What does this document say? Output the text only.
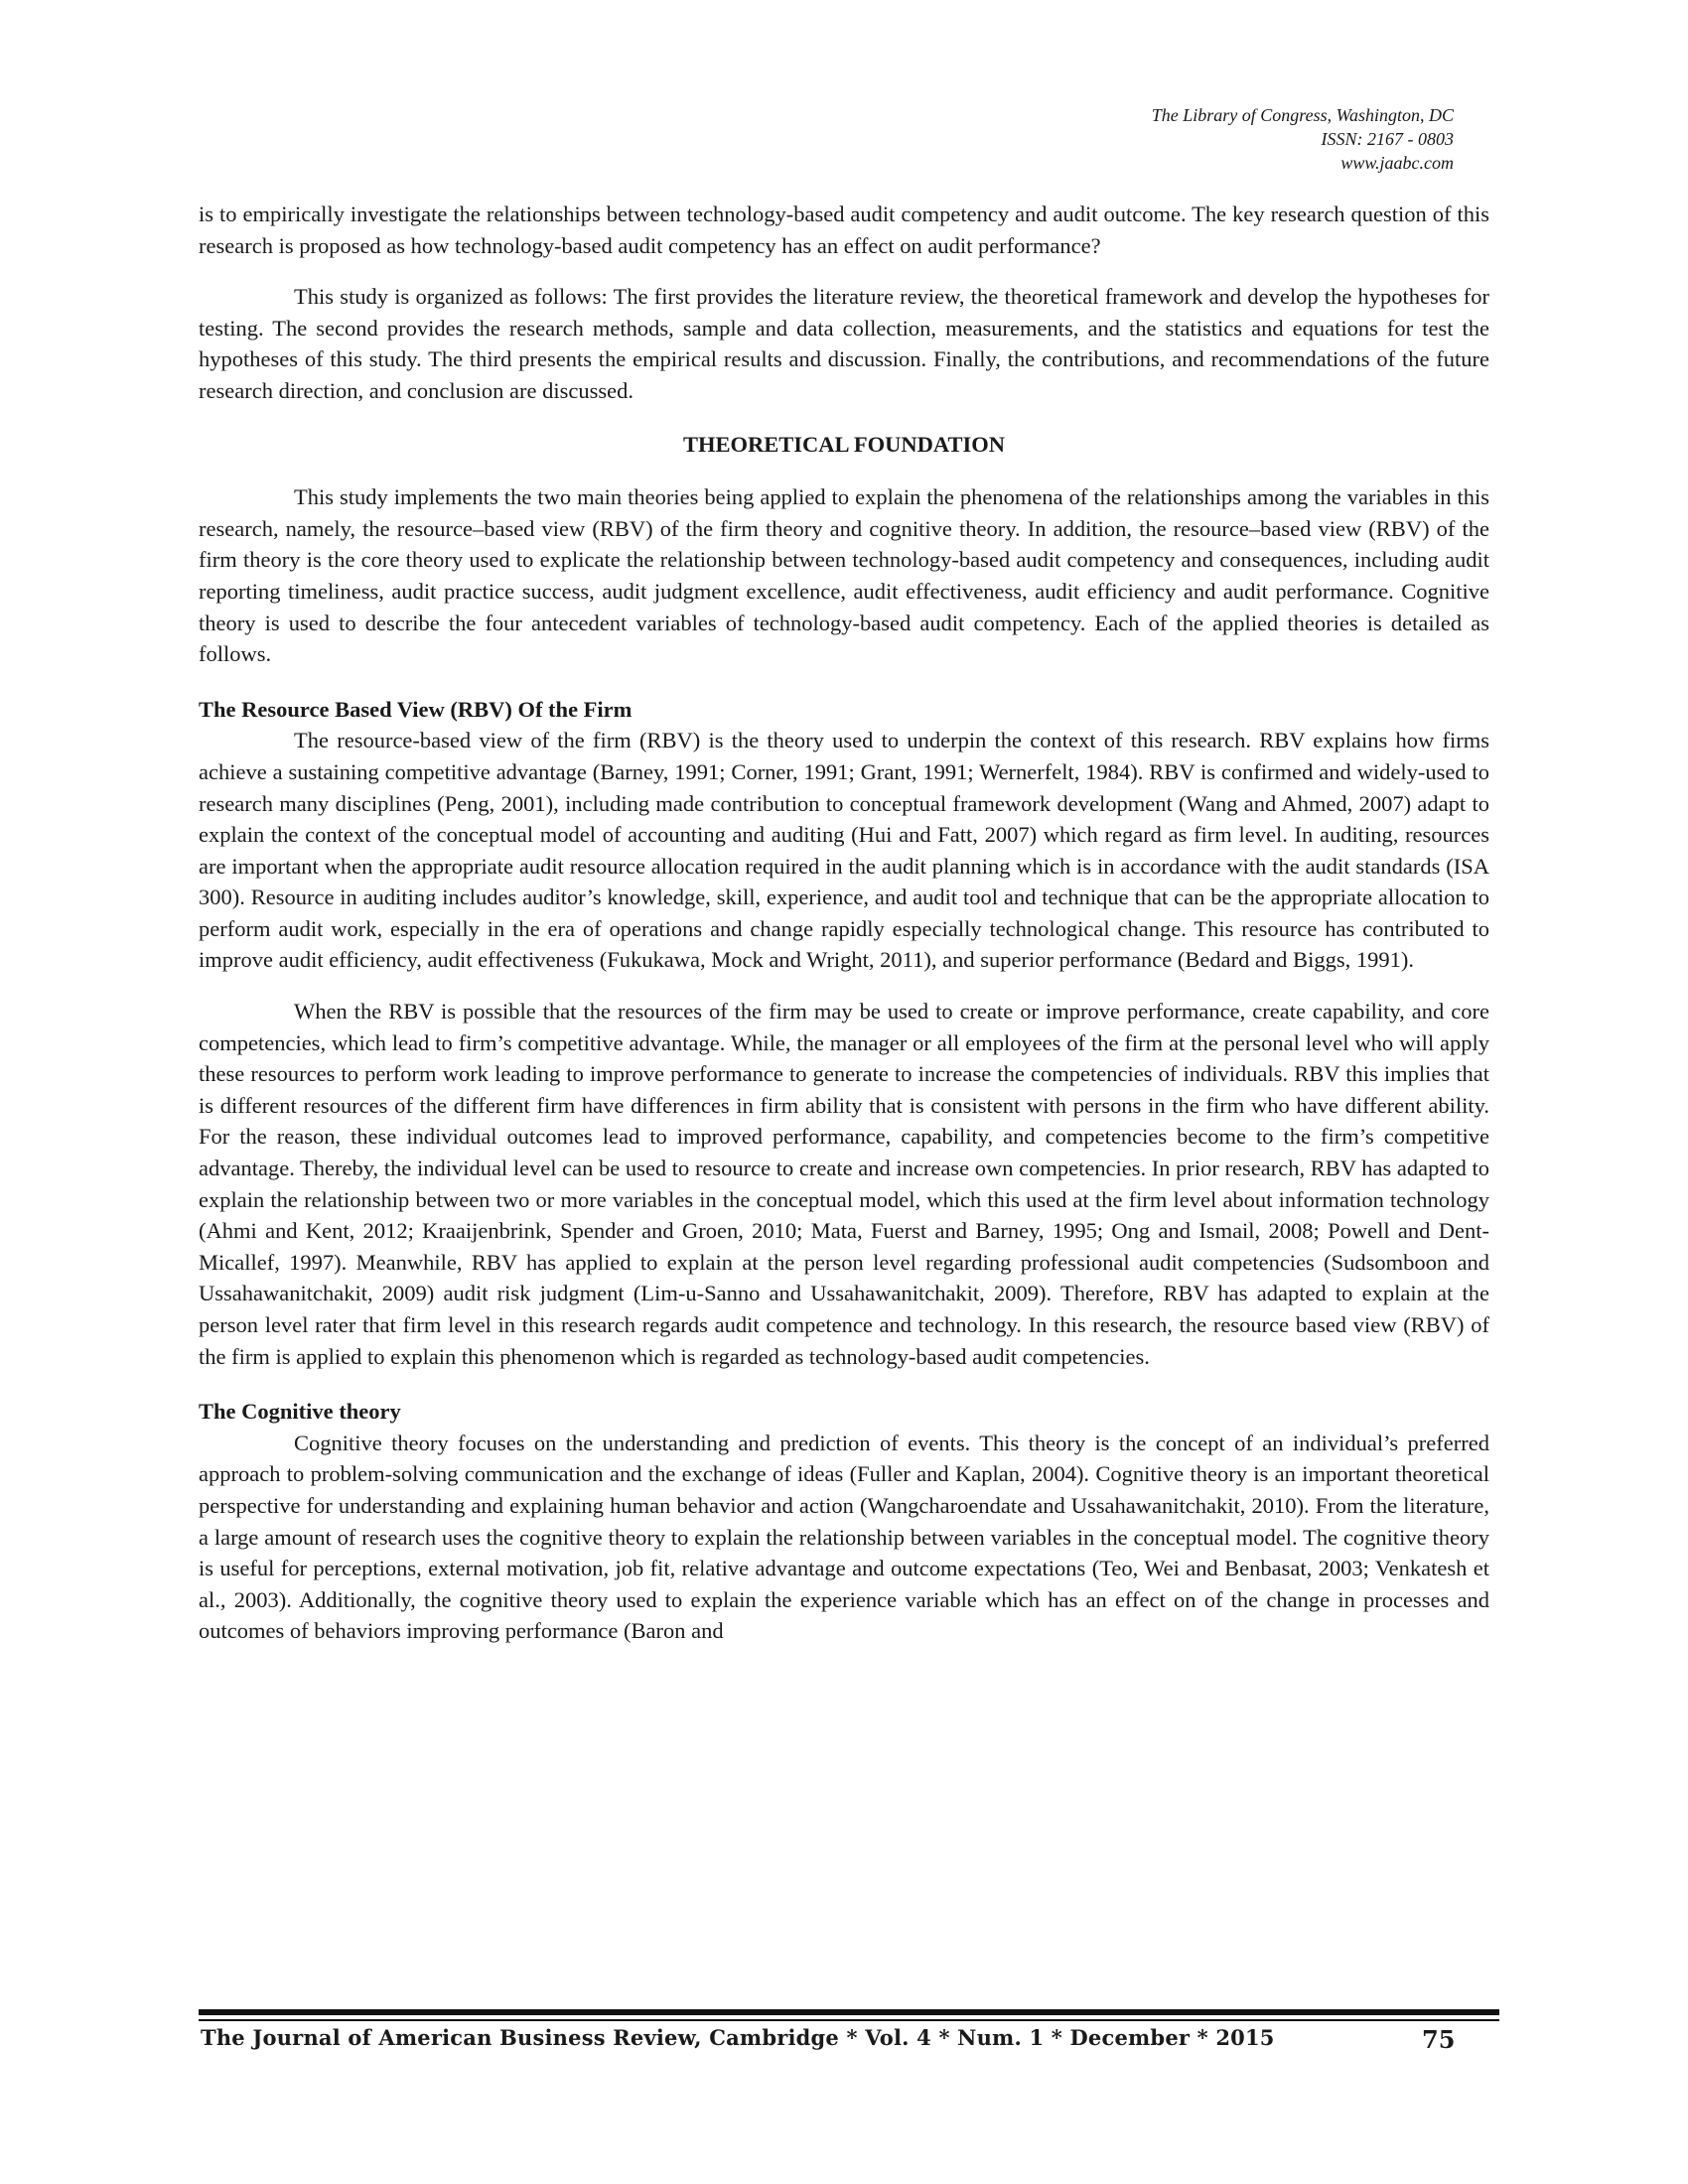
The Library of Congress, Washington, DC
ISSN: 2167 - 0803
www.jaabc.com

is to empirically investigate the relationships between technology-based audit competency and audit outcome. The key research question of this research is proposed as how technology-based audit competency has an effect on audit performance?

This study is organized as follows: The first provides the literature review, the theoretical framework and develop the hypotheses for testing. The second provides the research methods, sample and data collection, measurements, and the statistics and equations for test the hypotheses of this study. The third presents the empirical results and discussion. Finally, the contributions, and recommendations of the future research direction, and conclusion are discussed.

THEORETICAL FOUNDATION

This study implements the two main theories being applied to explain the phenomena of the relationships among the variables in this research, namely, the resource–based view (RBV) of the firm theory and cognitive theory. In addition, the resource–based view (RBV) of the firm theory is the core theory used to explicate the relationship between technology-based audit competency and consequences, including audit reporting timeliness, audit practice success, audit judgment excellence, audit effectiveness, audit efficiency and audit performance. Cognitive theory is used to describe the four antecedent variables of technology-based audit competency. Each of the applied theories is detailed as follows.

The Resource Based View (RBV) Of the Firm

The resource-based view of the firm (RBV) is the theory used to underpin the context of this research. RBV explains how firms achieve a sustaining competitive advantage (Barney, 1991; Corner, 1991; Grant, 1991; Wernerfelt, 1984). RBV is confirmed and widely-used to research many disciplines (Peng, 2001), including made contribution to conceptual framework development (Wang and Ahmed, 2007) adapt to explain the context of the conceptual model of accounting and auditing (Hui and Fatt, 2007) which regard as firm level. In auditing, resources are important when the appropriate audit resource allocation required in the audit planning which is in accordance with the audit standards (ISA 300). Resource in auditing includes auditor’s knowledge, skill, experience, and audit tool and technique that can be the appropriate allocation to perform audit work, especially in the era of operations and change rapidly especially technological change. This resource has contributed to improve audit efficiency, audit effectiveness (Fukukawa, Mock and Wright, 2011), and superior performance (Bedard and Biggs, 1991).

When the RBV is possible that the resources of the firm may be used to create or improve performance, create capability, and core competencies, which lead to firm’s competitive advantage. While, the manager or all employees of the firm at the personal level who will apply these resources to perform work leading to improve performance to generate to increase the competencies of individuals. RBV this implies that is different resources of the different firm have differences in firm ability that is consistent with persons in the firm who have different ability. For the reason, these individual outcomes lead to improved performance, capability, and competencies become to the firm’s competitive advantage. Thereby, the individual level can be used to resource to create and increase own competencies. In prior research, RBV has adapted to explain the relationship between two or more variables in the conceptual model, which this used at the firm level about information technology (Ahmi and Kent, 2012; Kraaijenbrink, Spender and Groen, 2010; Mata, Fuerst and Barney, 1995; Ong and Ismail, 2008; Powell and Dent-Micallef, 1997). Meanwhile, RBV has applied to explain at the person level regarding professional audit competencies (Sudsomboon and Ussahawanitchakit, 2009) audit risk judgment (Lim-u-Sanno and Ussahawanitchakit, 2009). Therefore, RBV has adapted to explain at the person level rater that firm level in this research regards audit competence and technology. In this research, the resource based view (RBV) of the firm is applied to explain this phenomenon which is regarded as technology-based audit competencies.

The Cognitive theory

Cognitive theory focuses on the understanding and prediction of events. This theory is the concept of an individual’s preferred approach to problem-solving communication and the exchange of ideas (Fuller and Kaplan, 2004). Cognitive theory is an important theoretical perspective for understanding and explaining human behavior and action (Wangcharoendate and Ussahawanitchakit, 2010). From the literature, a large amount of research uses the cognitive theory to explain the relationship between variables in the conceptual model. The cognitive theory is useful for perceptions, external motivation, job fit, relative advantage and outcome expectations (Teo, Wei and Benbasat, 2003; Venkatesh et al., 2003). Additionally, the cognitive theory used to explain the experience variable which has an effect on of the change in processes and outcomes of behaviors improving performance (Baron and

The Journal of American Business Review, Cambridge * Vol. 4 * Num. 1 * December * 2015	75
